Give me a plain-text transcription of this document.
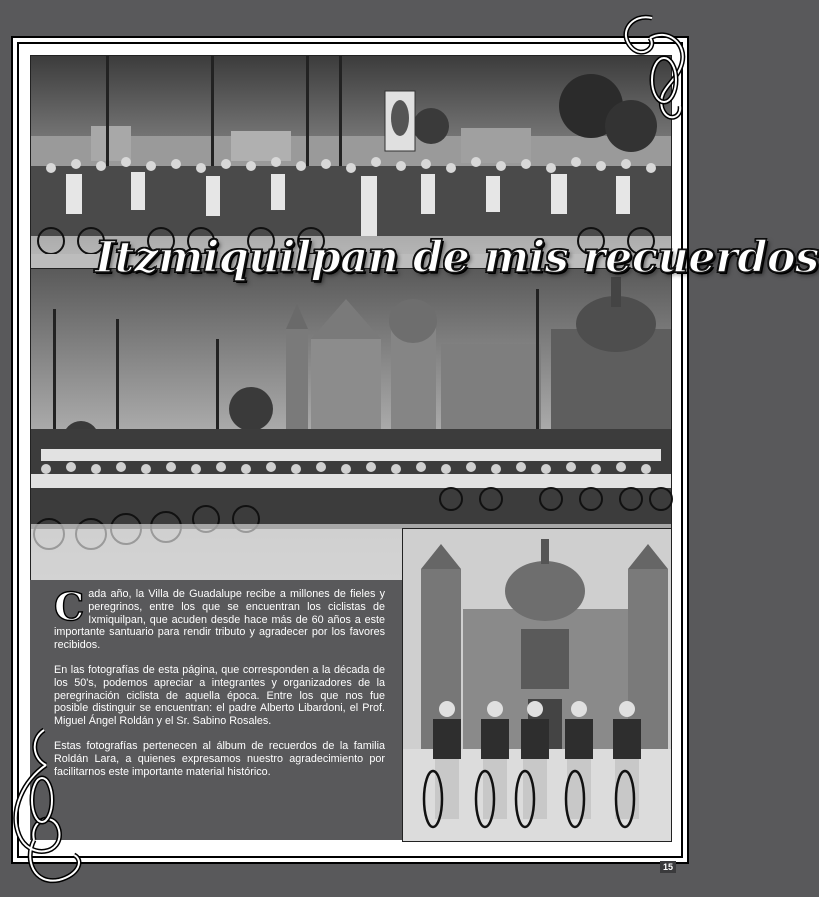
Itzmiquilpan de mis recuerdos

Cada año, la Villa de Guadalupe recibe a millones de fieles y peregrinos, entre los que se encuentran los ciclistas de Ixmiquilpan, que acuden desde hace más de 60 años a este importante santuario para rendir tributo y agradecer por los favores recibidos.

En las fotografías de esta página, que corresponden a la década de los 50's, podemos apreciar a integrantes y organizadores de la peregrinación ciclista de aquella época. Entre los que nos fue posible distinguir se encuentran: el padre Alberto Libardoni, el Prof. Miguel Ángel Roldán y el Sr. Sabino Rosales.

Estas fotografías pertenecen al álbum de recuerdos de la familia Roldán Lara, a quienes expresamos nuestro agradecimiento por facilitarnos este importante material histórico.

15
